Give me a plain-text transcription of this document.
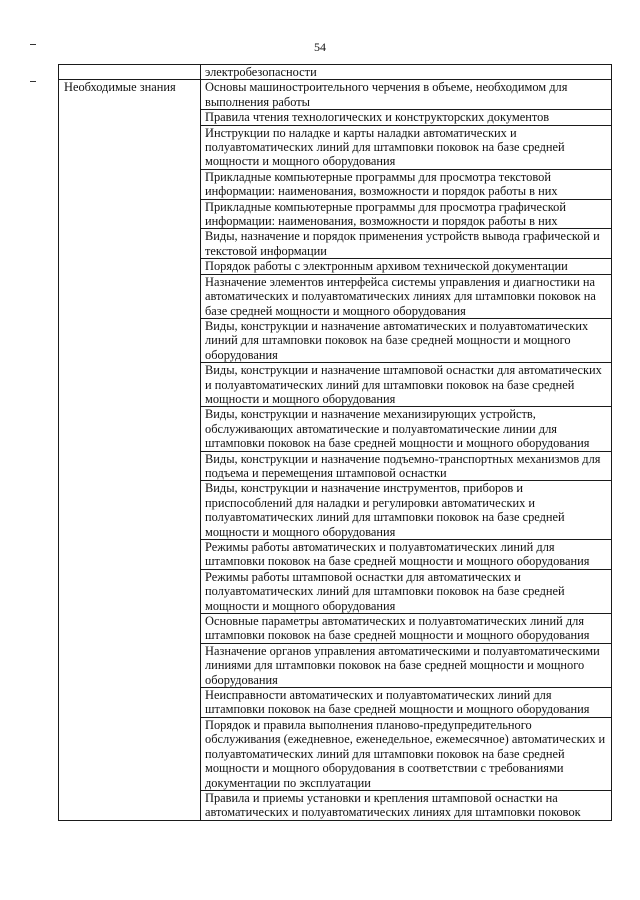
54
	электробезопасности
Необходимые знания	Основы машиностроительного черчения в объеме, необходимом для выполнения работы
	Правила чтения технологических и конструкторских документов
	Инструкции по наладке и карты наладки автоматических и полуавтоматических линий для штамповки поковок на базе средней мощности и мощного оборудования
	Прикладные компьютерные программы для просмотра текстовой информации: наименования, возможности и порядок работы в них
	Прикладные компьютерные программы для просмотра графической информации: наименования, возможности и порядок работы в них
	Виды, назначение и порядок применения устройств вывода графической и текстовой информации
	Порядок работы с электронным архивом технической документации
	Назначение элементов интерфейса системы управления и диагностики на автоматических и полуавтоматических линиях для штамповки поковок на базе средней мощности и мощного оборудования
	Виды, конструкции и назначение автоматических и полуавтоматических линий для штамповки поковок на базе средней мощности и мощного оборудования
	Виды, конструкции и назначение штамповой оснастки для автоматических и полуавтоматических линий для штамповки поковок на базе средней мощности и мощного оборудования
	Виды, конструкции и назначение механизирующих устройств, обслуживающих автоматические и полуавтоматические линии для штамповки поковок на базе средней мощности и мощного оборудования
	Виды, конструкции и назначение подъемно-транспортных механизмов для подъема и перемещения штамповой оснастки
	Виды, конструкции и назначение инструментов, приборов и приспособлений для наладки и регулировки автоматических и полуавтоматических линий для штамповки поковок на базе средней мощности и мощного оборудования
	Режимы работы автоматических и полуавтоматических линий для штамповки поковок на базе средней мощности и мощного оборудования
	Режимы работы штамповой оснастки для автоматических и полуавтоматических линий для штамповки поковок на базе средней мощности и мощного оборудования
	Основные параметры автоматических и полуавтоматических линий для штамповки поковок на базе средней мощности и мощного оборудования
	Назначение органов управления автоматическими и полуавтоматическими линиями для штамповки поковок на базе средней мощности и мощного оборудования
	Неисправности автоматических и полуавтоматических линий для штамповки поковок на базе средней мощности и мощного оборудования
	Порядок и правила выполнения планово-предупредительного обслуживания (ежедневное, еженедельное, ежемесячное) автоматических и полуавтоматических линий для штамповки поковок на базе средней мощности и мощного оборудования в соответствии с требованиями документации по эксплуатации
	Правила и приемы установки и крепления штамповой оснастки на автоматических и полуавтоматических линиях для штамповки поковок
